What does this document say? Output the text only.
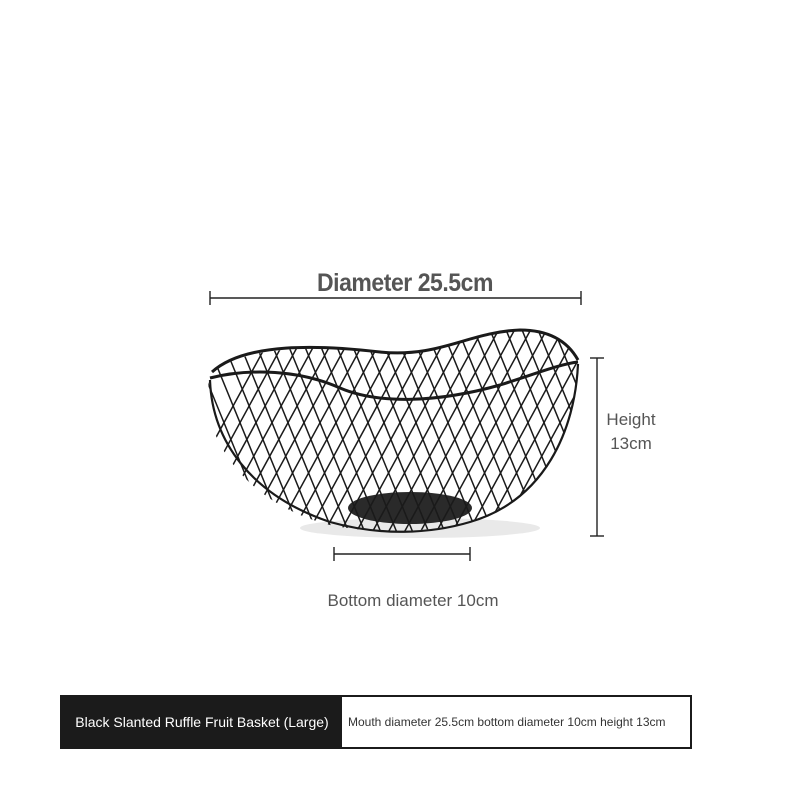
Diameter 25.5cm
Height
13cm
Bottom diameter 10cm
Black Slanted Ruffle Fruit Basket (Large)	Mouth diameter 25.5cm bottom diameter 10cm height 13cm
